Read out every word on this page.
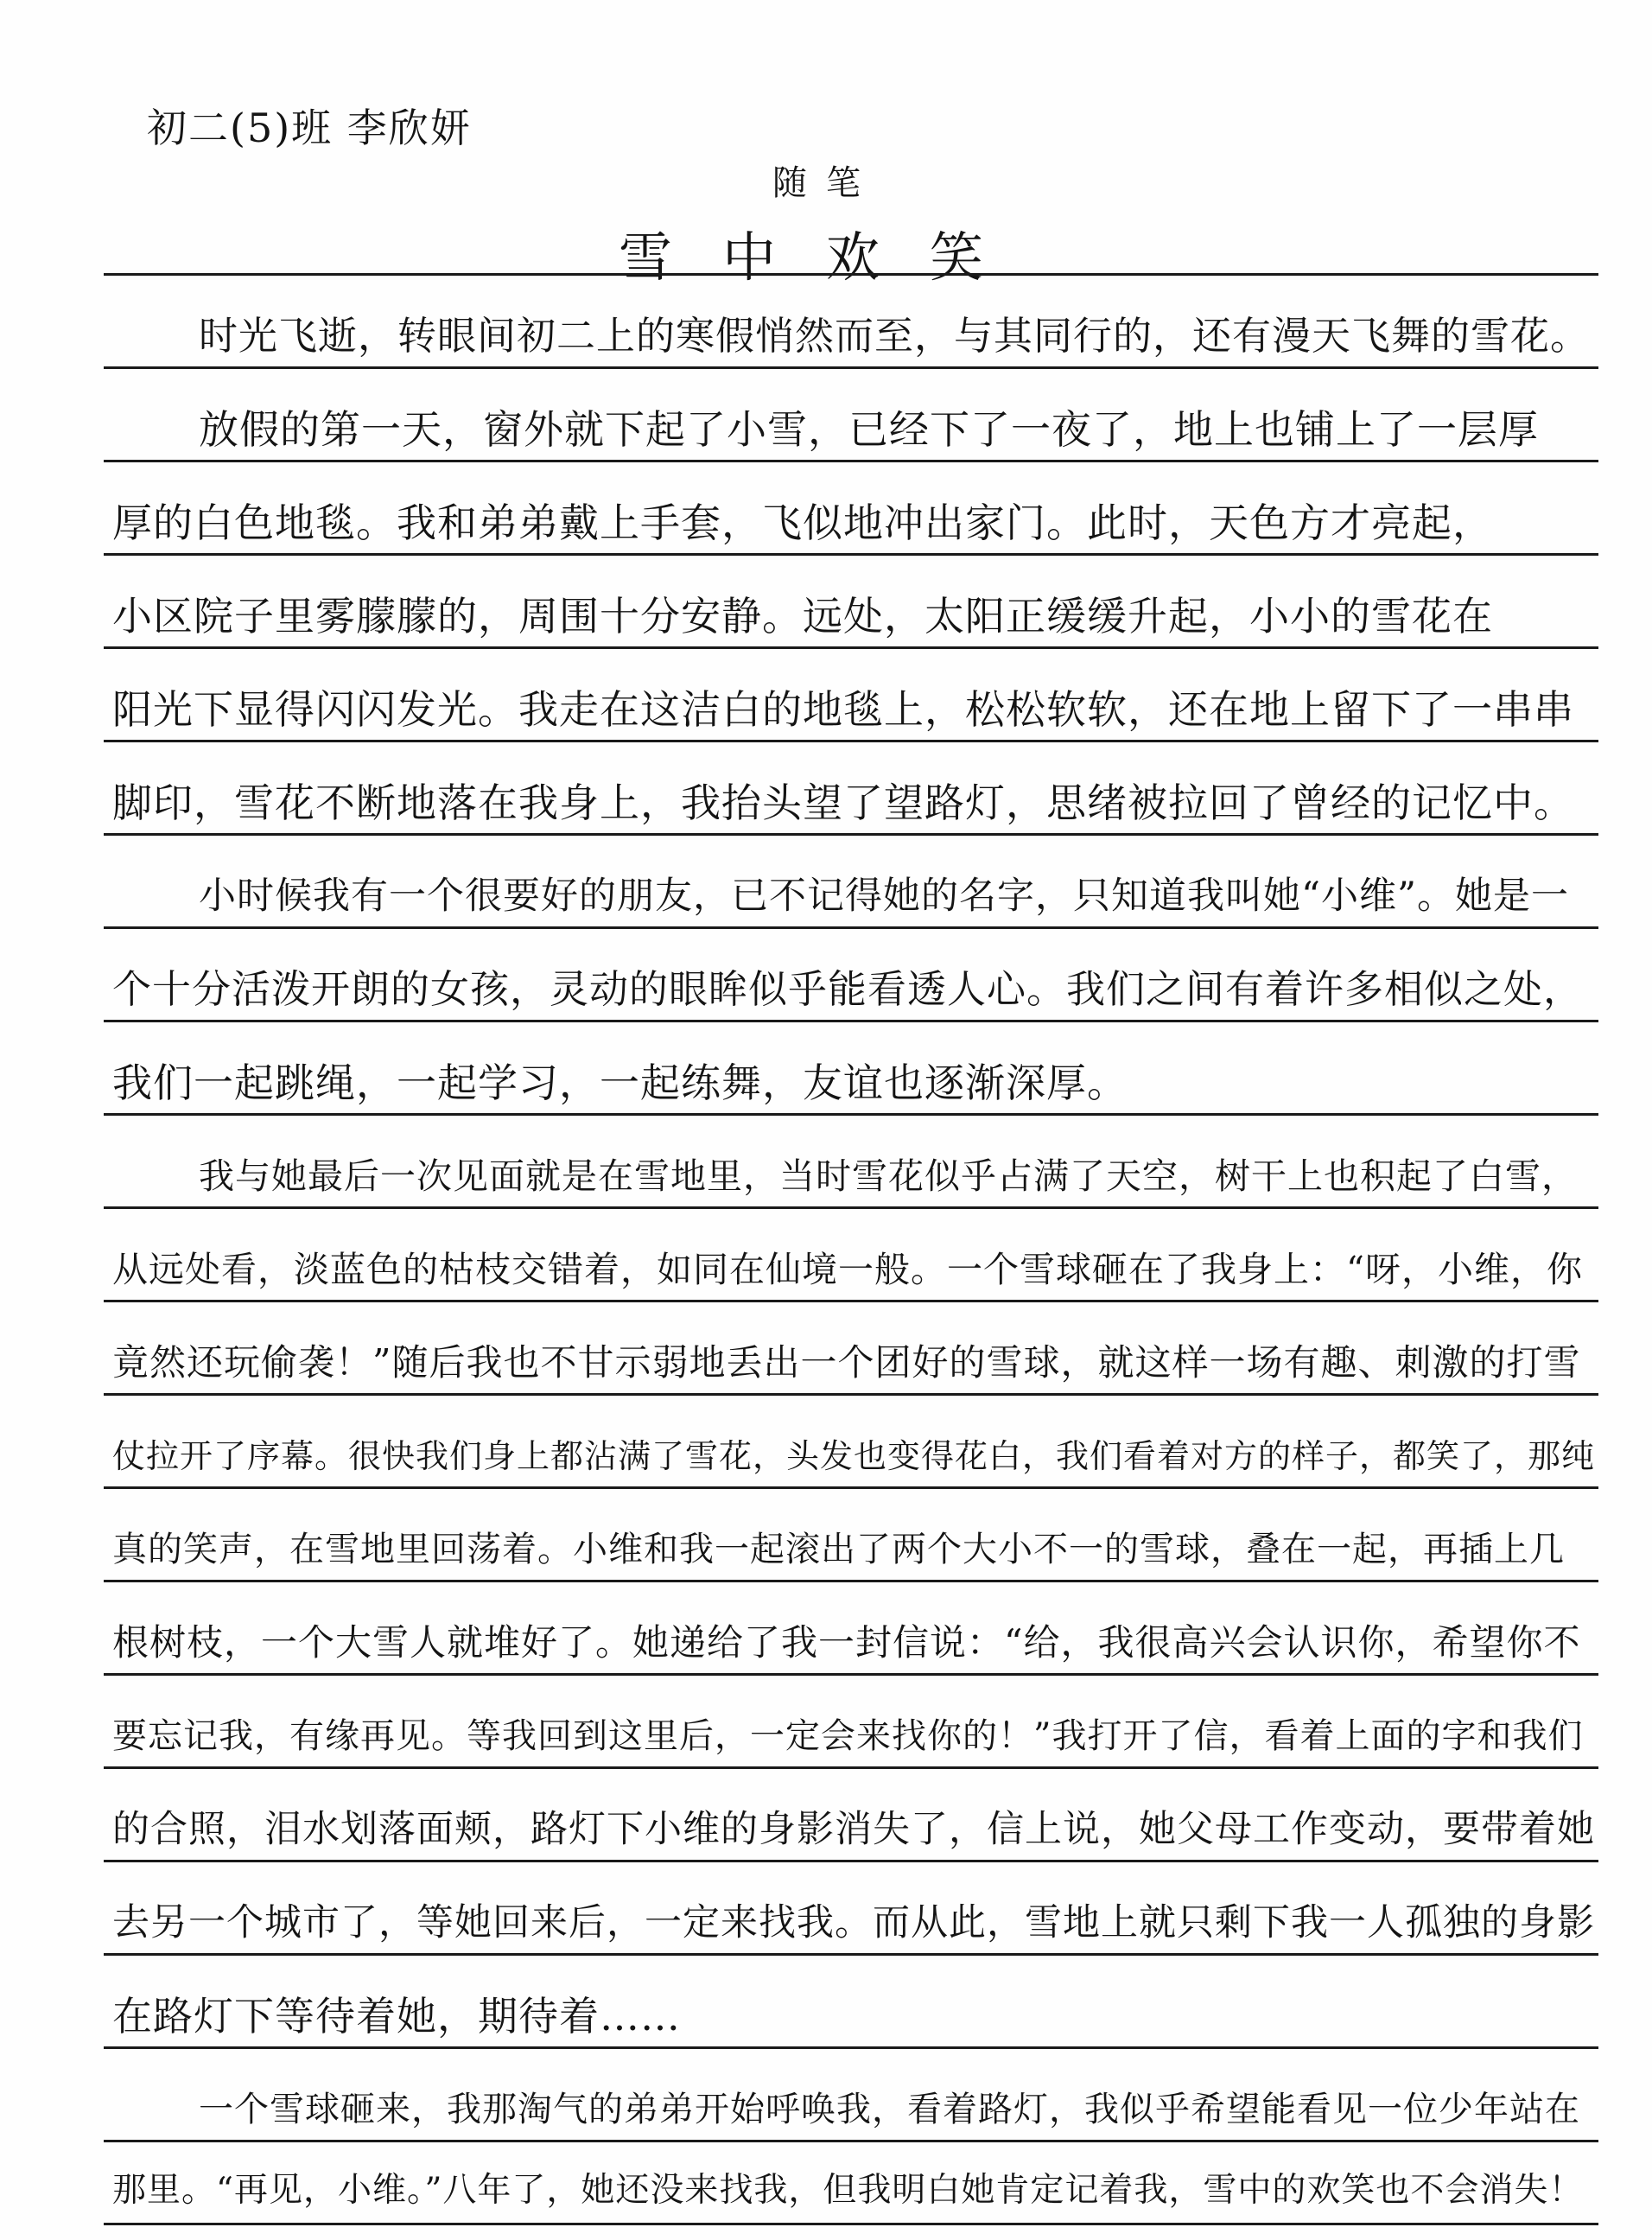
初二(5)班 李欣妍
随笔
雪中欢笑
时光飞逝，转眼间初二上的寒假悄然而至，与其同行的，还有漫天飞舞的雪花。
放假的第一天，窗外就下起了小雪，已经下了一夜了，地上也铺上了一层厚
厚的白色地毯。我和弟弟戴上手套，飞似地冲出家门。此时，天色方才亮起，
小区院子里雾朦朦的，周围十分安静。远处，太阳正缓缓升起，小小的雪花在
阳光下显得闪闪发光。我走在这洁白的地毯上，松松软软，还在地上留下了一串串
脚印，雪花不断地落在我身上，我抬头望了望路灯，思绪被拉回了曾经的记忆中。
小时候我有一个很要好的朋友，已不记得她的名字，只知道我叫她“小维”。她是一
个十分活泼开朗的女孩，灵动的眼眸似乎能看透人心。我们之间有着许多相似之处，
我们一起跳绳，一起学习，一起练舞，友谊也逐渐深厚。
我与她最后一次见面就是在雪地里，当时雪花似乎占满了天空，树干上也积起了白雪，
从远处看，淡蓝色的枯枝交错着，如同在仙境一般。一个雪球砸在了我身上：“呀，小维，你
竟然还玩偷袭！”随后我也不甘示弱地丢出一个团好的雪球，就这样一场有趣、刺激的打雪
仗拉开了序幕。很快我们身上都沾满了雪花，头发也变得花白，我们看着对方的样子，都笑了，那纯
真的笑声，在雪地里回荡着。小维和我一起滚出了两个大小不一的雪球，叠在一起，再插上几
根树枝，一个大雪人就堆好了。她递给了我一封信说：“给，我很高兴会认识你，希望你不
要忘记我，有缘再见。等我回到这里后，一定会来找你的！”我打开了信，看着上面的字和我们
的合照，泪水划落面颊，路灯下小维的身影消失了，信上说，她父母工作变动，要带着她
去另一个城市了，等她回来后，一定来找我。而从此，雪地上就只剩下我一人孤独的身影
在路灯下等待着她，期待着……
一个雪球砸来，我那淘气的弟弟开始呼唤我，看着路灯，我似乎希望能看见一位少年站在
那里。“再见，小维。”八年了，她还没来找我，但我明白她肯定记着我，雪中的欢笑也不会消失！
